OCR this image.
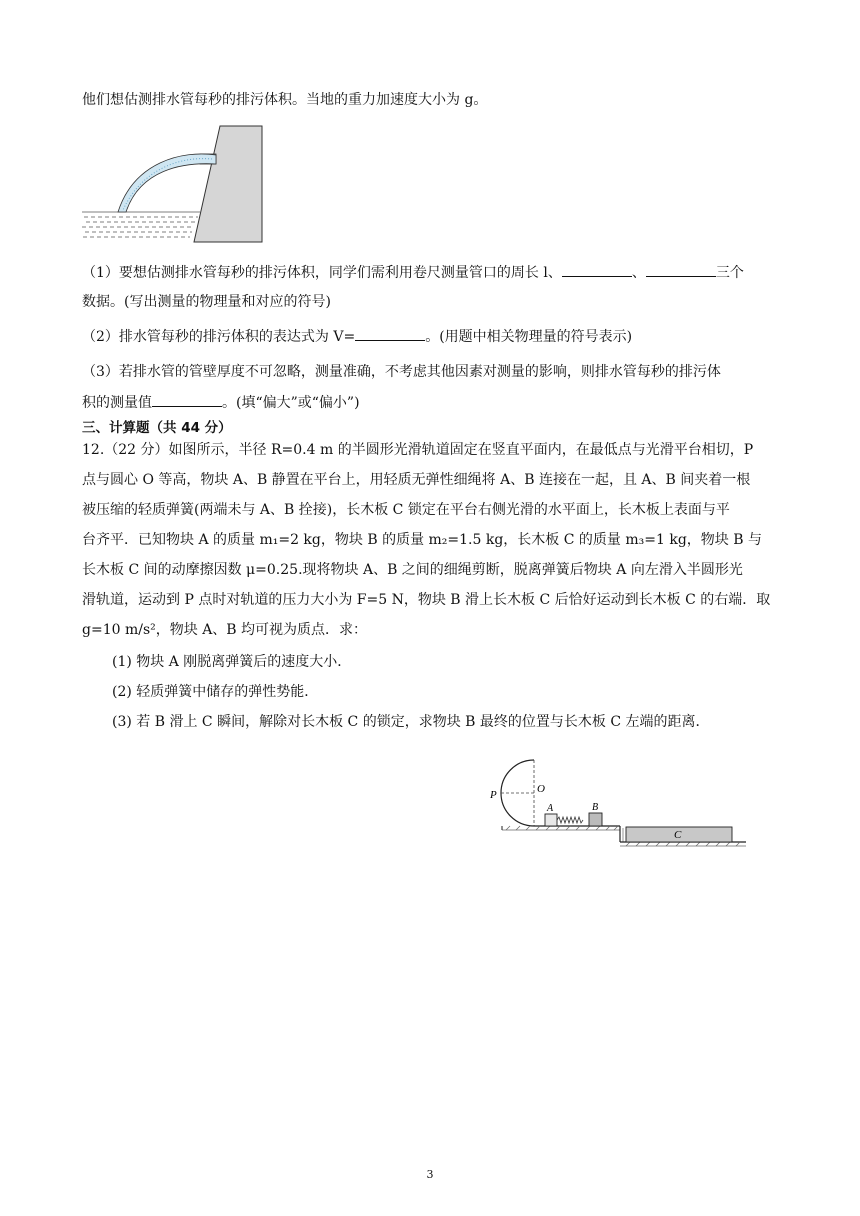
他们想估测排水管每秒的排污体积。当地的重力加速度大小为 g。
（1）要想估测排水管每秒的排污体积，同学们需利用卷尺测量管口的周长 l、	、	三个
数据。(写出测量的物理量和对应的符号)
（2）排水管每秒的排污体积的表达式为 V=	。(用题中相关物理量的符号表示)
（3）若排水管的管壁厚度不可忽略，测量准确，不考虑其他因素对测量的影响，则排水管每秒的排污体
积的测量值	。(填“偏大”或“偏小”)
三、计算题（共 44 分）
12.（22 分）如图所示，半径 R=0.4 m 的半圆形光滑轨道固定在竖直平面内，在最低点与光滑平台相切，P
点与圆心 O 等高，物块 A、B 静置在平台上，用轻质无弹性细绳将 A、B 连接在一起，且 A、B 间夹着一根
被压缩的轻质弹簧(两端未与 A、B 拴接)，长木板 C 锁定在平台右侧光滑的水平面上，长木板上表面与平
台齐平．已知物块 A 的质量 m₁=2 kg，物块 B 的质量 m₂=1.5 kg，长木板 C 的质量 m₃=1 kg，物块 B 与
长木板 C 间的动摩擦因数 μ=0.25.现将物块 A、B 之间的细绳剪断，脱离弹簧后物块 A 向左滑入半圆形光
滑轨道，运动到 P 点时对轨道的压力大小为 F=5 N，物块 B 滑上长木板 C 后恰好运动到长木板 C 的右端．取
g=10 m/s²，物块 A、B 均可视为质点．求：
(1) 物块 A 刚脱离弹簧后的速度大小．
(2) 轻质弹簧中储存的弹性势能．
(3) 若 B 滑上 C 瞬间，解除对长木板 C 的锁定，求物块 B 最终的位置与长木板 C 左端的距离．
P	O
A	B
C
3
